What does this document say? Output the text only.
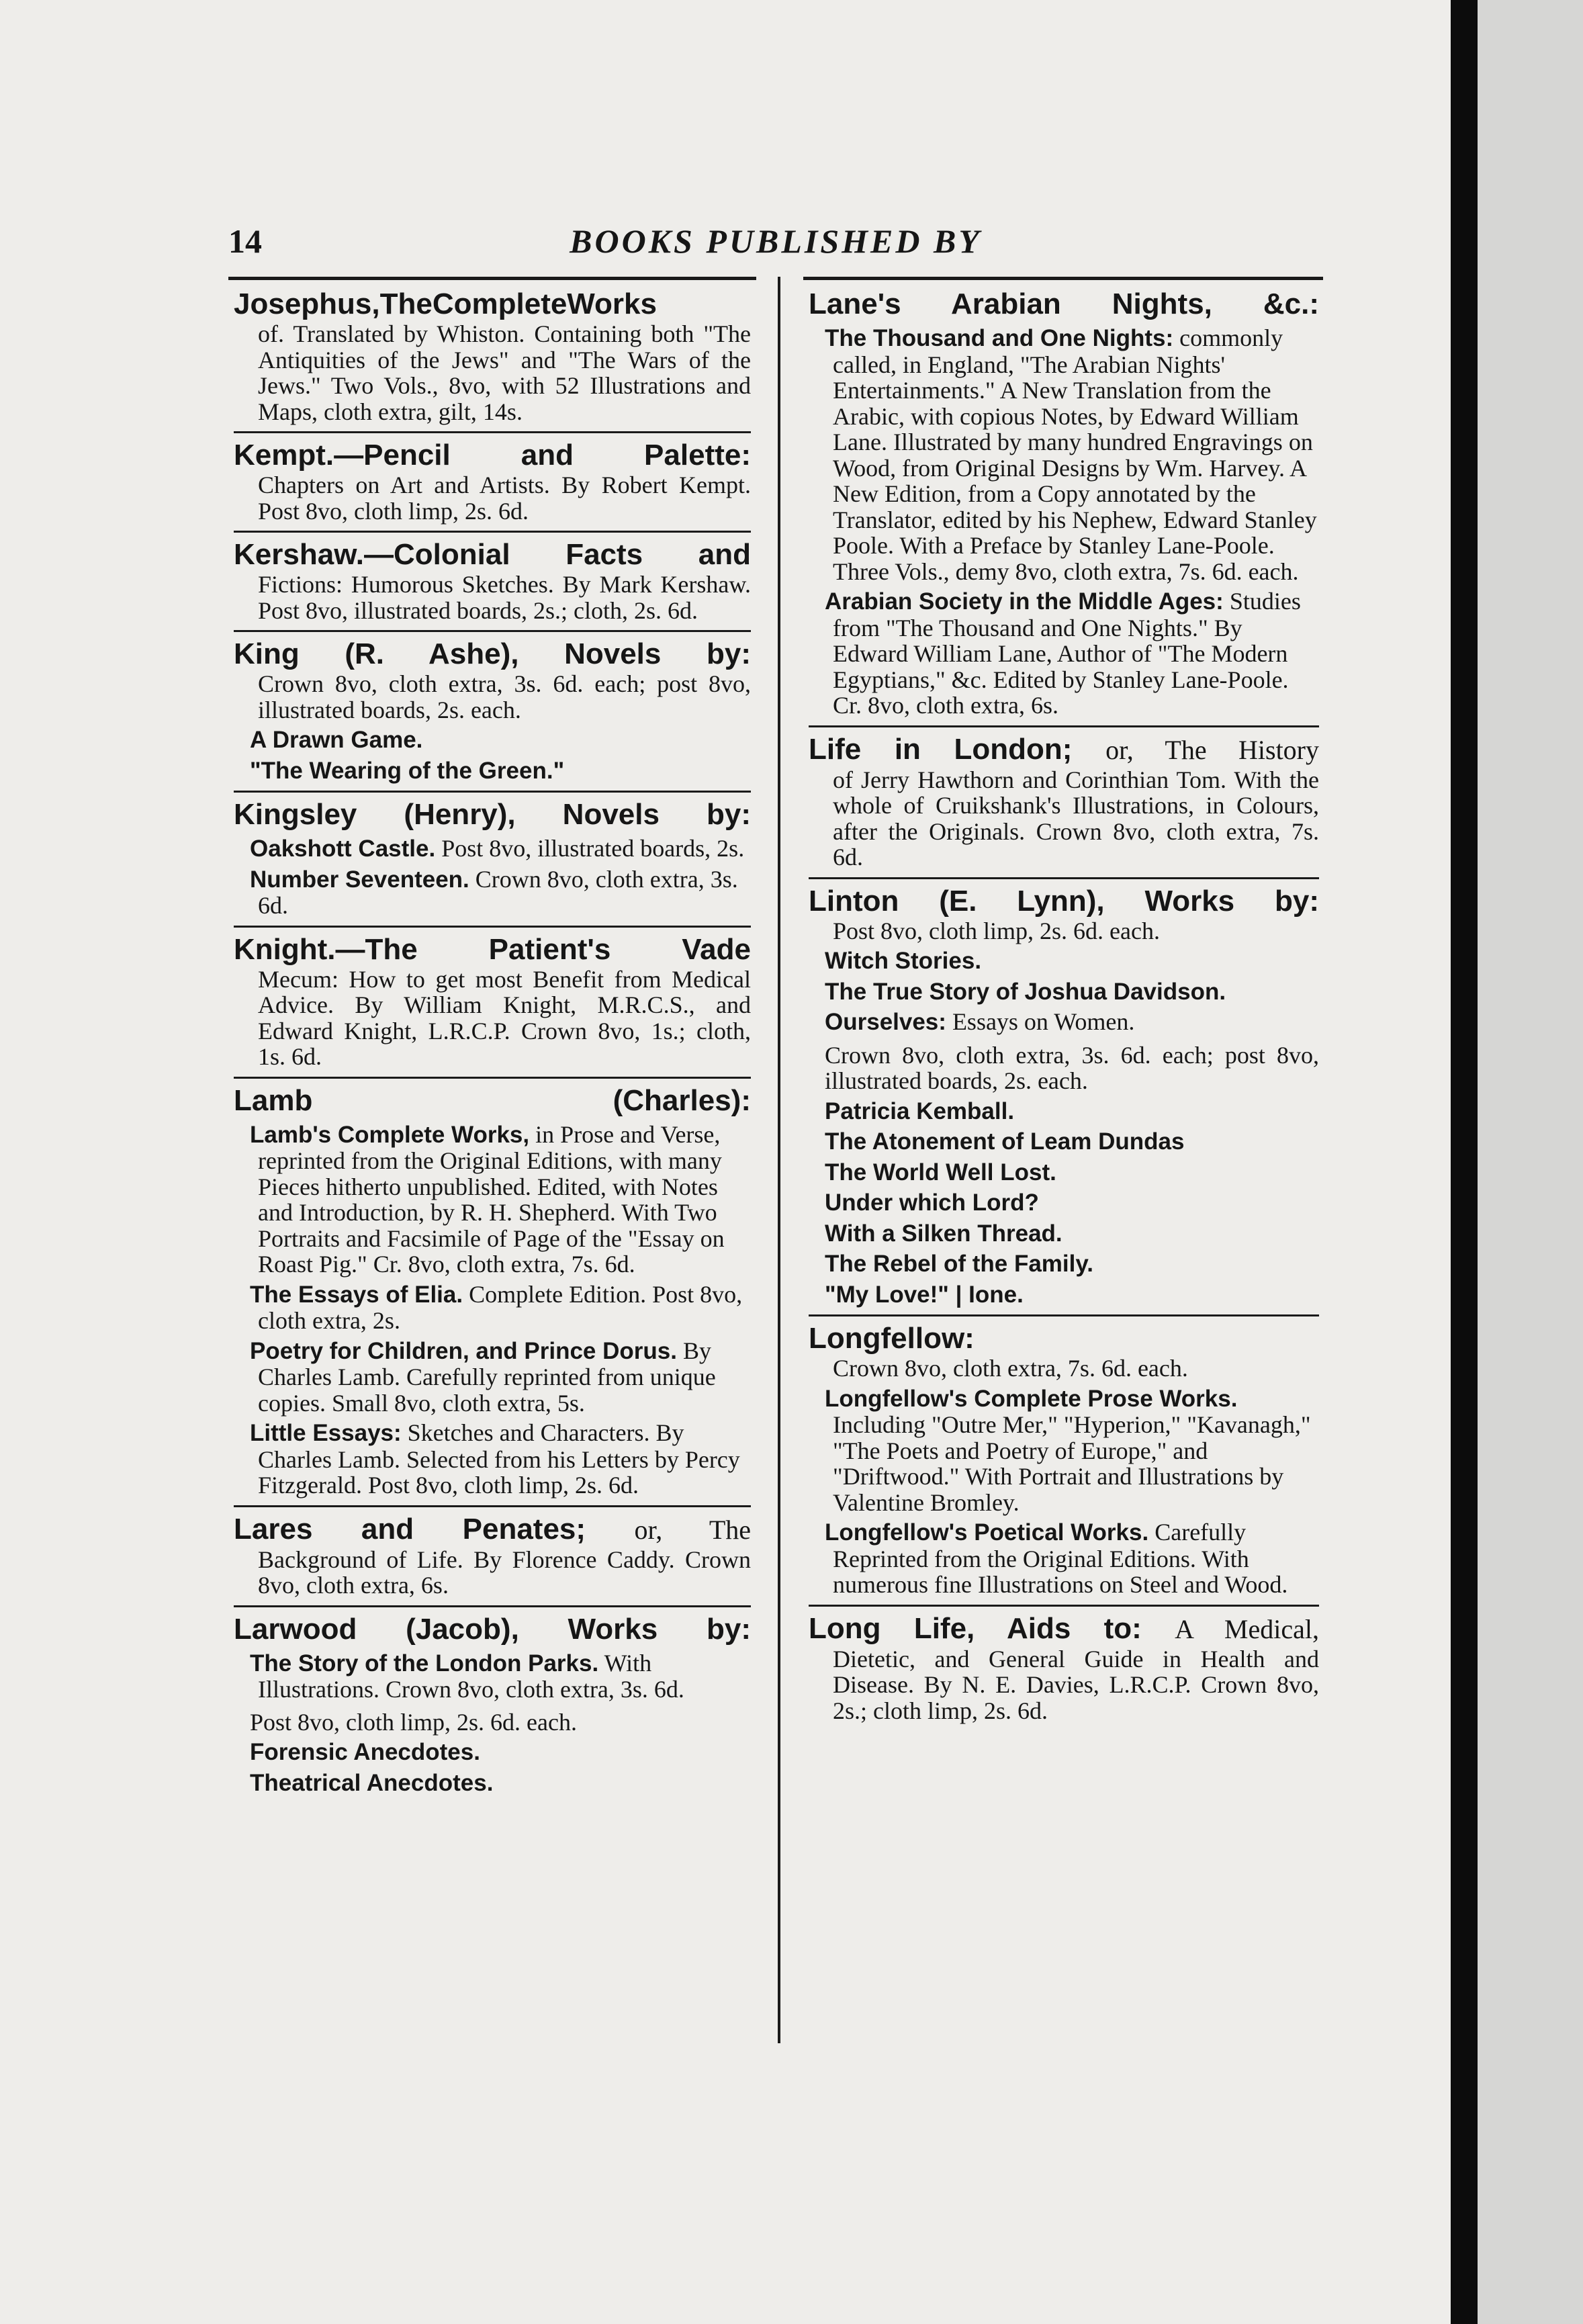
14	BOOKS PUBLISHED BY
Josephus,TheCompleteWorks
of. Translated by Whiston. Containing both "The Antiquities of the Jews" and "The Wars of the Jews." Two Vols., 8vo, with 52 Illustrations and Maps, cloth extra, gilt, 14s.
Kempt.—Pencil and Palette:
Chapters on Art and Artists. By Robert Kempt. Post 8vo, cloth limp, 2s. 6d.
Kershaw.—Colonial Facts and
Fictions: Humorous Sketches. By Mark Kershaw. Post 8vo, illustrated boards, 2s.; cloth, 2s. 6d.
King (R. Ashe), Novels by:
Crown 8vo, cloth extra, 3s. 6d. each; post 8vo, illustrated boards, 2s. each.
A Drawn Game.
"The Wearing of the Green."
Kingsley (Henry), Novels by:
Oakshott Castle. Post 8vo, illustrated boards, 2s.
Number Seventeen. Crown 8vo, cloth extra, 3s. 6d.
Knight.—The Patient's Vade
Mecum: How to get most Benefit from Medical Advice. By William Knight, M.R.C.S., and Edward Knight, L.R.C.P. Crown 8vo, 1s.; cloth, 1s. 6d.
Lamb (Charles):
Lamb's Complete Works, in Prose and Verse, reprinted from the Original Editions, with many Pieces hitherto unpublished. Edited, with Notes and Introduction, by R. H. Shepherd. With Two Portraits and Facsimile of Page of the "Essay on Roast Pig." Cr. 8vo, cloth extra, 7s. 6d.
The Essays of Elia. Complete Edition. Post 8vo, cloth extra, 2s.
Poetry for Children, and Prince Dorus. By Charles Lamb. Carefully reprinted from unique copies. Small 8vo, cloth extra, 5s.
Little Essays: Sketches and Characters. By Charles Lamb. Selected from his Letters by Percy Fitzgerald. Post 8vo, cloth limp, 2s. 6d.
Lares and Penates; or, The
Background of Life. By Florence Caddy. Crown 8vo, cloth extra, 6s.
Larwood (Jacob), Works by:
The Story of the London Parks. With Illustrations. Crown 8vo, cloth extra, 3s. 6d.
Post 8vo, cloth limp, 2s. 6d. each.
Forensic Anecdotes.
Theatrical Anecdotes.
Lane's Arabian Nights, &c.:
The Thousand and One Nights: commonly called, in England, "The Arabian Nights' Entertainments." A New Translation from the Arabic, with copious Notes, by Edward William Lane. Illustrated by many hundred Engravings on Wood, from Original Designs by Wm. Harvey. A New Edition, from a Copy annotated by the Translator, edited by his Nephew, Edward Stanley Poole. With a Preface by Stanley Lane-Poole. Three Vols., demy 8vo, cloth extra, 7s. 6d. each.
Arabian Society in the Middle Ages: Studies from "The Thousand and One Nights." By Edward William Lane, Author of "The Modern Egyptians," &c. Edited by Stanley Lane-Poole. Cr. 8vo, cloth extra, 6s.
Life in London; or, The History
of Jerry Hawthorn and Corinthian Tom. With the whole of Cruikshank's Illustrations, in Colours, after the Originals. Crown 8vo, cloth extra, 7s. 6d.
Linton (E. Lynn), Works by:
Post 8vo, cloth limp, 2s. 6d. each.
Witch Stories.
The True Story of Joshua Davidson.
Ourselves: Essays on Women.
Crown 8vo, cloth extra, 3s. 6d. each; post 8vo, illustrated boards, 2s. each.
Patricia Kemball.
The Atonement of Leam Dundas
The World Well Lost.
Under which Lord?
With a Silken Thread.
The Rebel of the Family.
"My Love!" | Ione.
Longfellow:
Crown 8vo, cloth extra, 7s. 6d. each.
Longfellow's Complete Prose Works. Including "Outre Mer," "Hyperion," "Kavanagh," "The Poets and Poetry of Europe," and "Driftwood." With Portrait and Illustrations by Valentine Bromley.
Longfellow's Poetical Works. Carefully Reprinted from the Original Editions. With numerous fine Illustrations on Steel and Wood.
Long Life, Aids to: A Medical,
Dietetic, and General Guide in Health and Disease. By N. E. Davies, L.R.C.P. Crown 8vo, 2s.; cloth limp, 2s. 6d.
